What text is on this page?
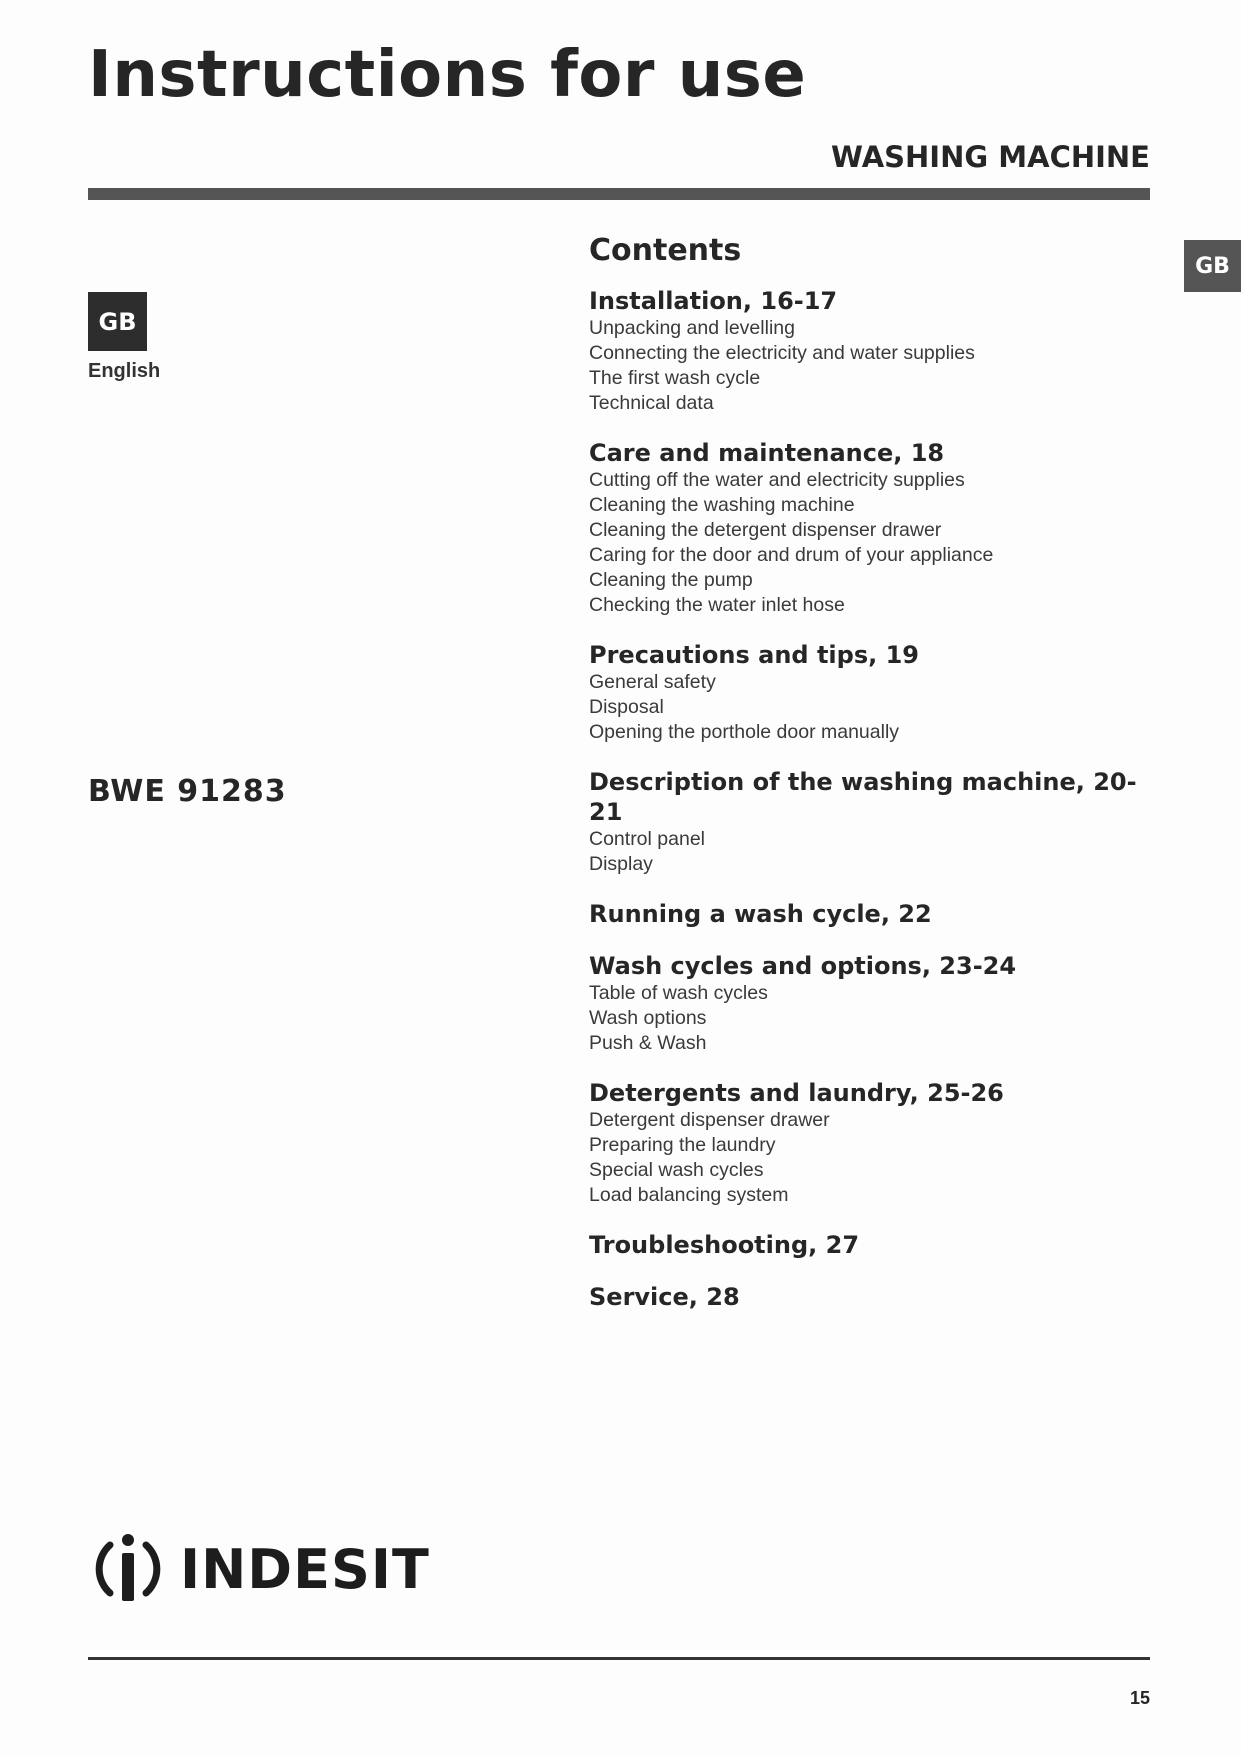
Instructions for use
WASHING MACHINE
GB
GB
English
BWE 91283
Contents
Installation, 16-17
Unpacking and levelling
Connecting the electricity and water supplies
The first wash cycle
Technical data
Care and maintenance, 18
Cutting off the water and electricity supplies
Cleaning the washing machine
Cleaning the detergent dispenser drawer
Caring for the door and drum of your appliance
Cleaning the pump
Checking the water inlet hose
Precautions and tips, 19
General safety
Disposal
Opening the porthole door manually
Description of the washing machine, 20-21
Control panel
Display
Running a wash cycle, 22
Wash cycles and options, 23-24
Table of wash cycles
Wash options
Push & Wash
Detergents and laundry, 25-26
Detergent dispenser drawer
Preparing the laundry
Special wash cycles
Load balancing system
Troubleshooting, 27
Service, 28
INDESIT
15
